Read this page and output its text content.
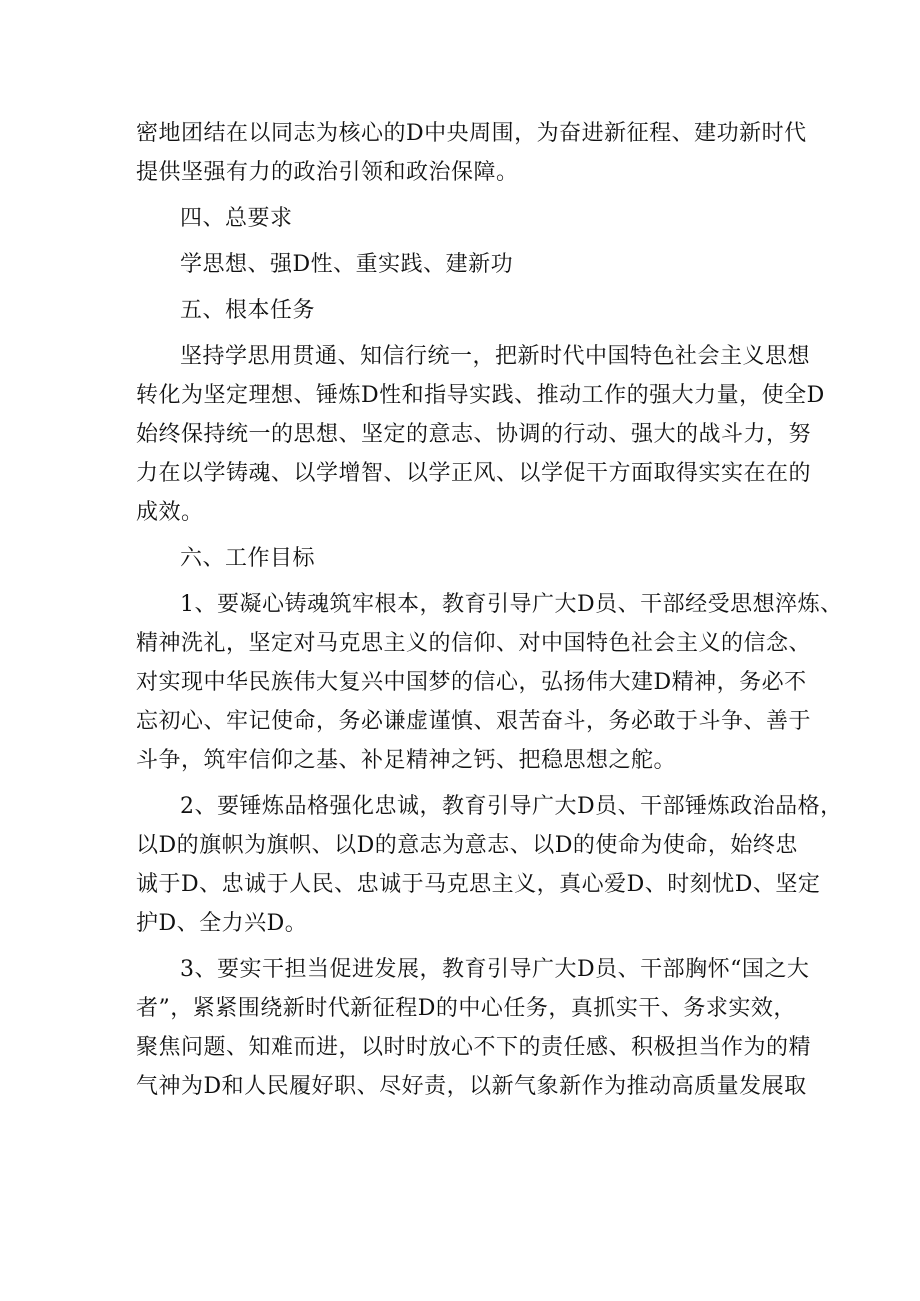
密地团结在以同志为核心的D中央周围，为奋进新征程、建功新时代
提供坚强有力的政治引领和政治保障。
四、总要求
学思想、强D性、重实践、建新功
五、根本任务
坚持学思用贯通、知信行统一，把新时代中国特色社会主义思想
转化为坚定理想、锤炼D性和指导实践、推动工作的强大力量，使全D
始终保持统一的思想、坚定的意志、协调的行动、强大的战斗力，努
力在以学铸魂、以学增智、以学正风、以学促干方面取得实实在在的
成效。
六、工作目标
1、要凝心铸魂筑牢根本，教育引导广大D员、干部经受思想淬炼、
精神洗礼，坚定对马克思主义的信仰、对中国特色社会主义的信念、
对实现中华民族伟大复兴中国梦的信心，弘扬伟大建D精神，务必不
忘初心、牢记使命，务必谦虚谨慎、艰苦奋斗，务必敢于斗争、善于
斗争，筑牢信仰之基、补足精神之钙、把稳思想之舵。
2、要锤炼品格强化忠诚，教育引导广大D员、干部锤炼政治品格，
以D的旗帜为旗帜、以D的意志为意志、以D的使命为使命，始终忠
诚于D、忠诚于人民、忠诚于马克思主义，真心爱D、时刻忧D、坚定
护D、全力兴D。
3、要实干担当促进发展，教育引导广大D员、干部胸怀“国之大
者”，紧紧围绕新时代新征程D的中心任务，真抓实干、务求实效，
聚焦问题、知难而进，以时时放心不下的责任感、积极担当作为的精
气神为D和人民履好职、尽好责，以新气象新作为推动高质量发展取
